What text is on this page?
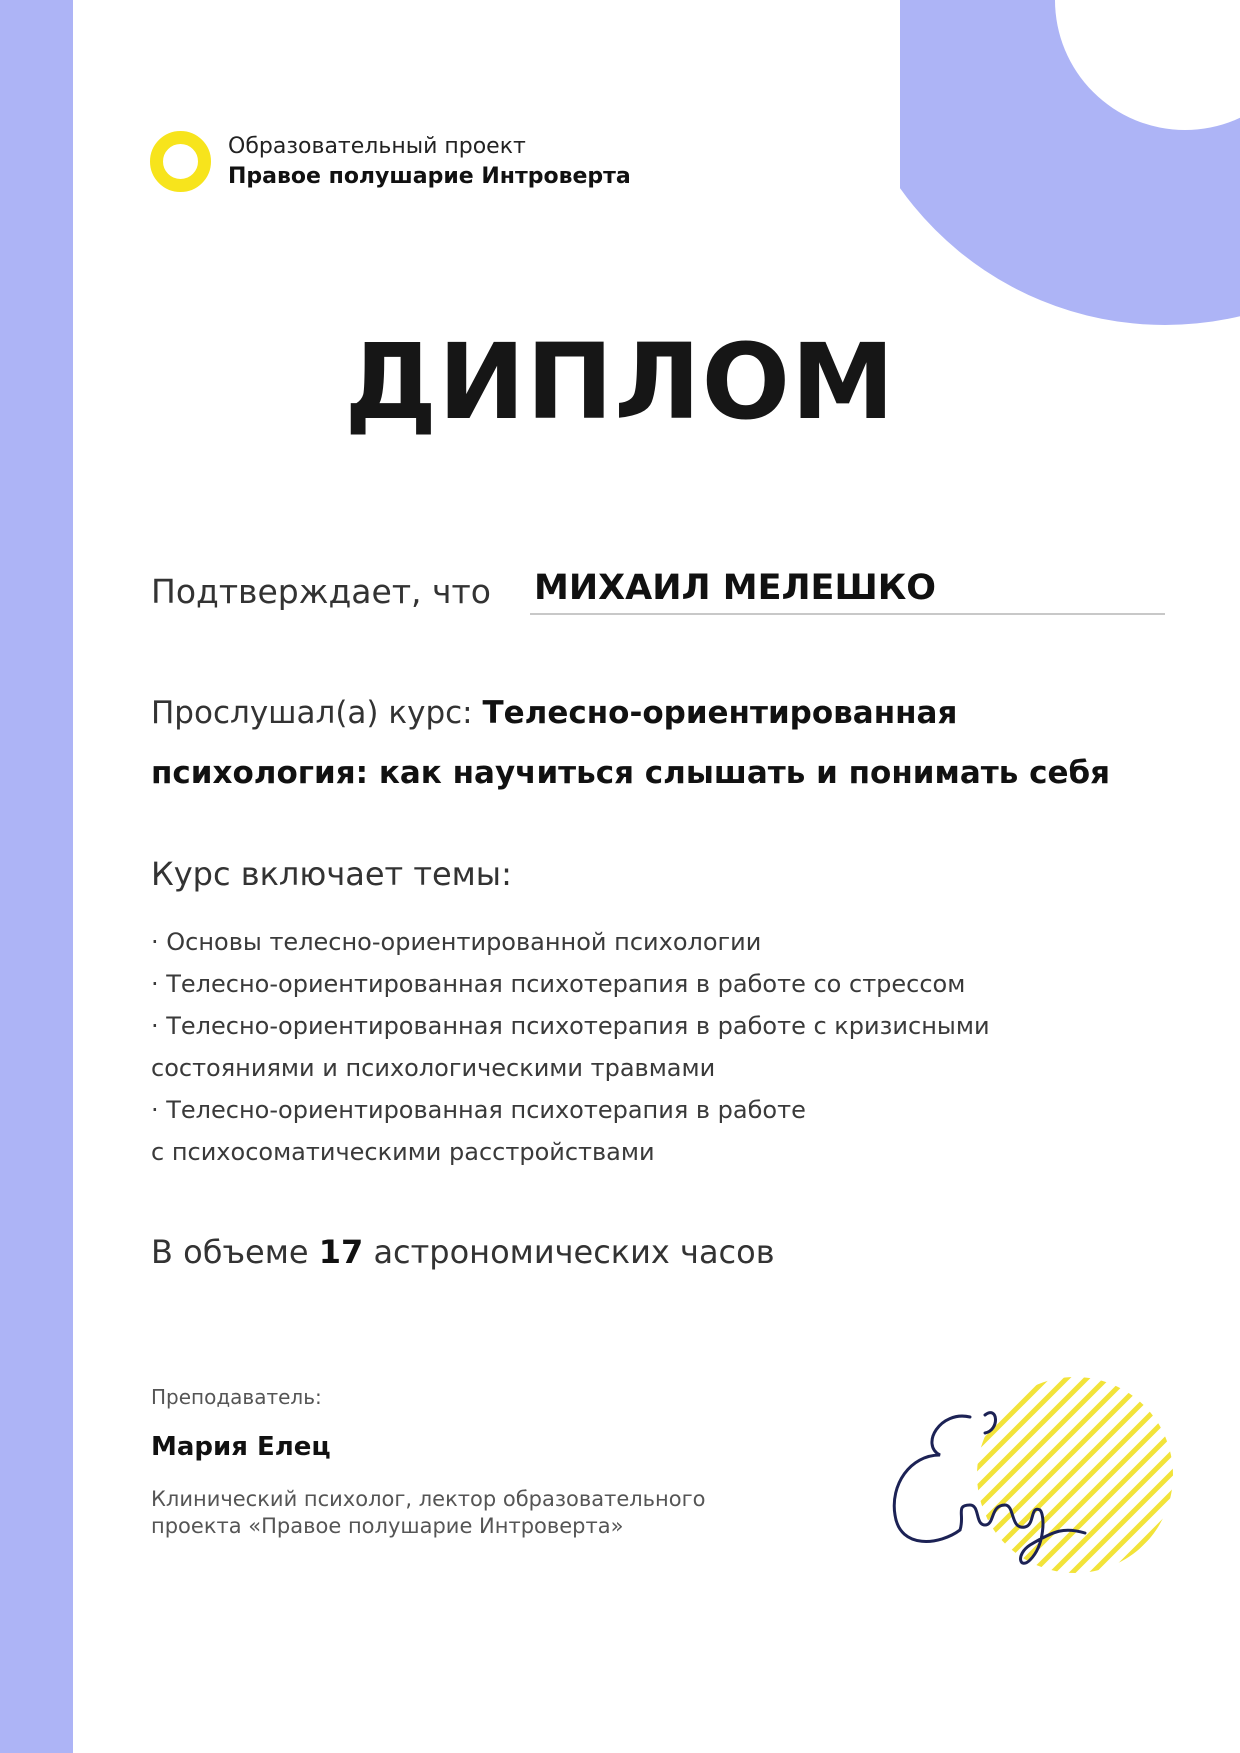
Образовательный проект
Правое полушарие Интроверта
ДИПЛОМ
Подтверждает, что МИХАИЛ МЕЛЕШКО
Прослушал(а) курс: Телесно-ориентированная психология: как научиться слышать и понимать себя
Курс включает темы:
· Основы телесно-ориентированной психологии
· Телесно-ориентированная психотерапия в работе со стрессом
· Телесно-ориентированная психотерапия в работе с кризисными
состояниями и психологическими травмами
· Телесно-ориентированная психотерапия в работе
с психосоматическими расстройствами
В объеме 17 астрономических часов
Преподаватель:
Мария Елец
Клинический психолог, лектор образовательного
проекта «Правое полушарие Интроверта»
